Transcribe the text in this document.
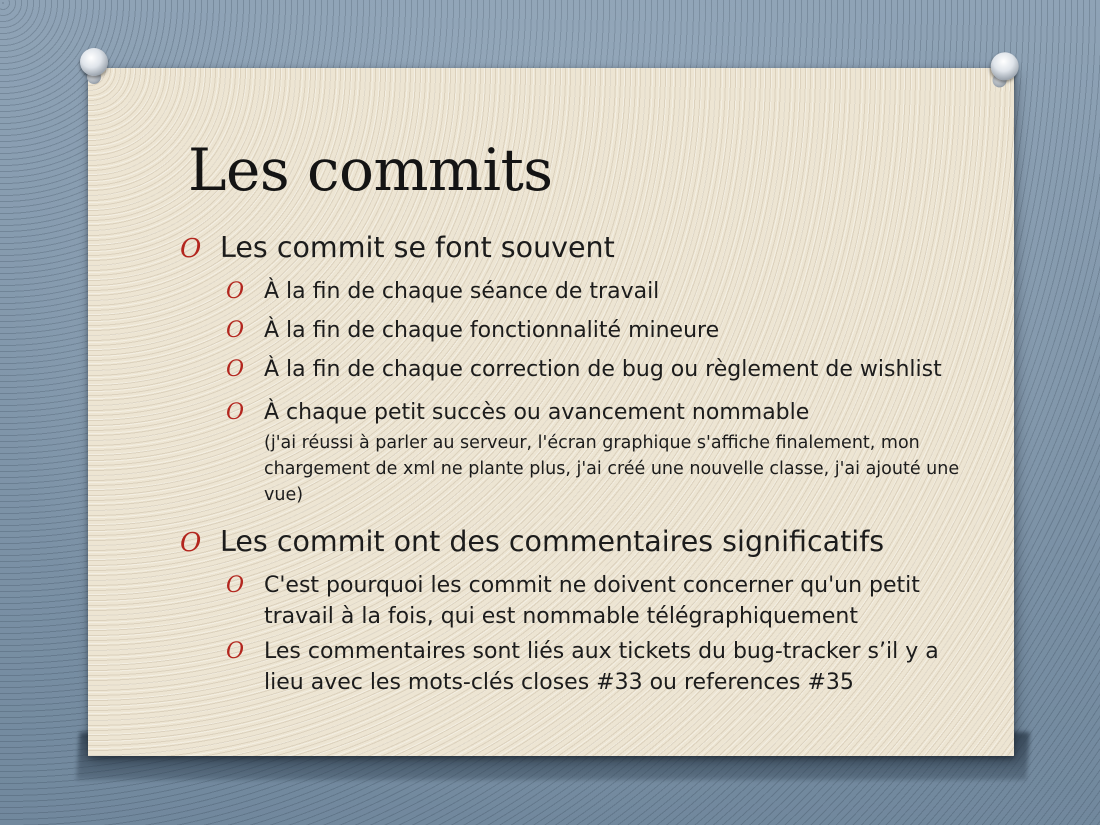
Les commits
O Les commit se font souvent
O À la fin de chaque séance de travail
O À la fin de chaque fonctionnalité mineure
O À la fin de chaque correction de bug ou règlement de wishlist
O À chaque petit succès ou avancement nommable
(j'ai réussi à parler au serveur, l'écran graphique s'affiche finalement, mon chargement de xml ne plante plus, j'ai créé une nouvelle classe, j'ai ajouté une vue)
O Les commit ont des commentaires significatifs
O C'est pourquoi les commit ne doivent concerner qu'un petit travail à la fois, qui est nommable télégraphiquement
O Les commentaires sont liés aux tickets du bug-tracker s’il y a lieu avec les mots-clés closes #33 ou references #35
